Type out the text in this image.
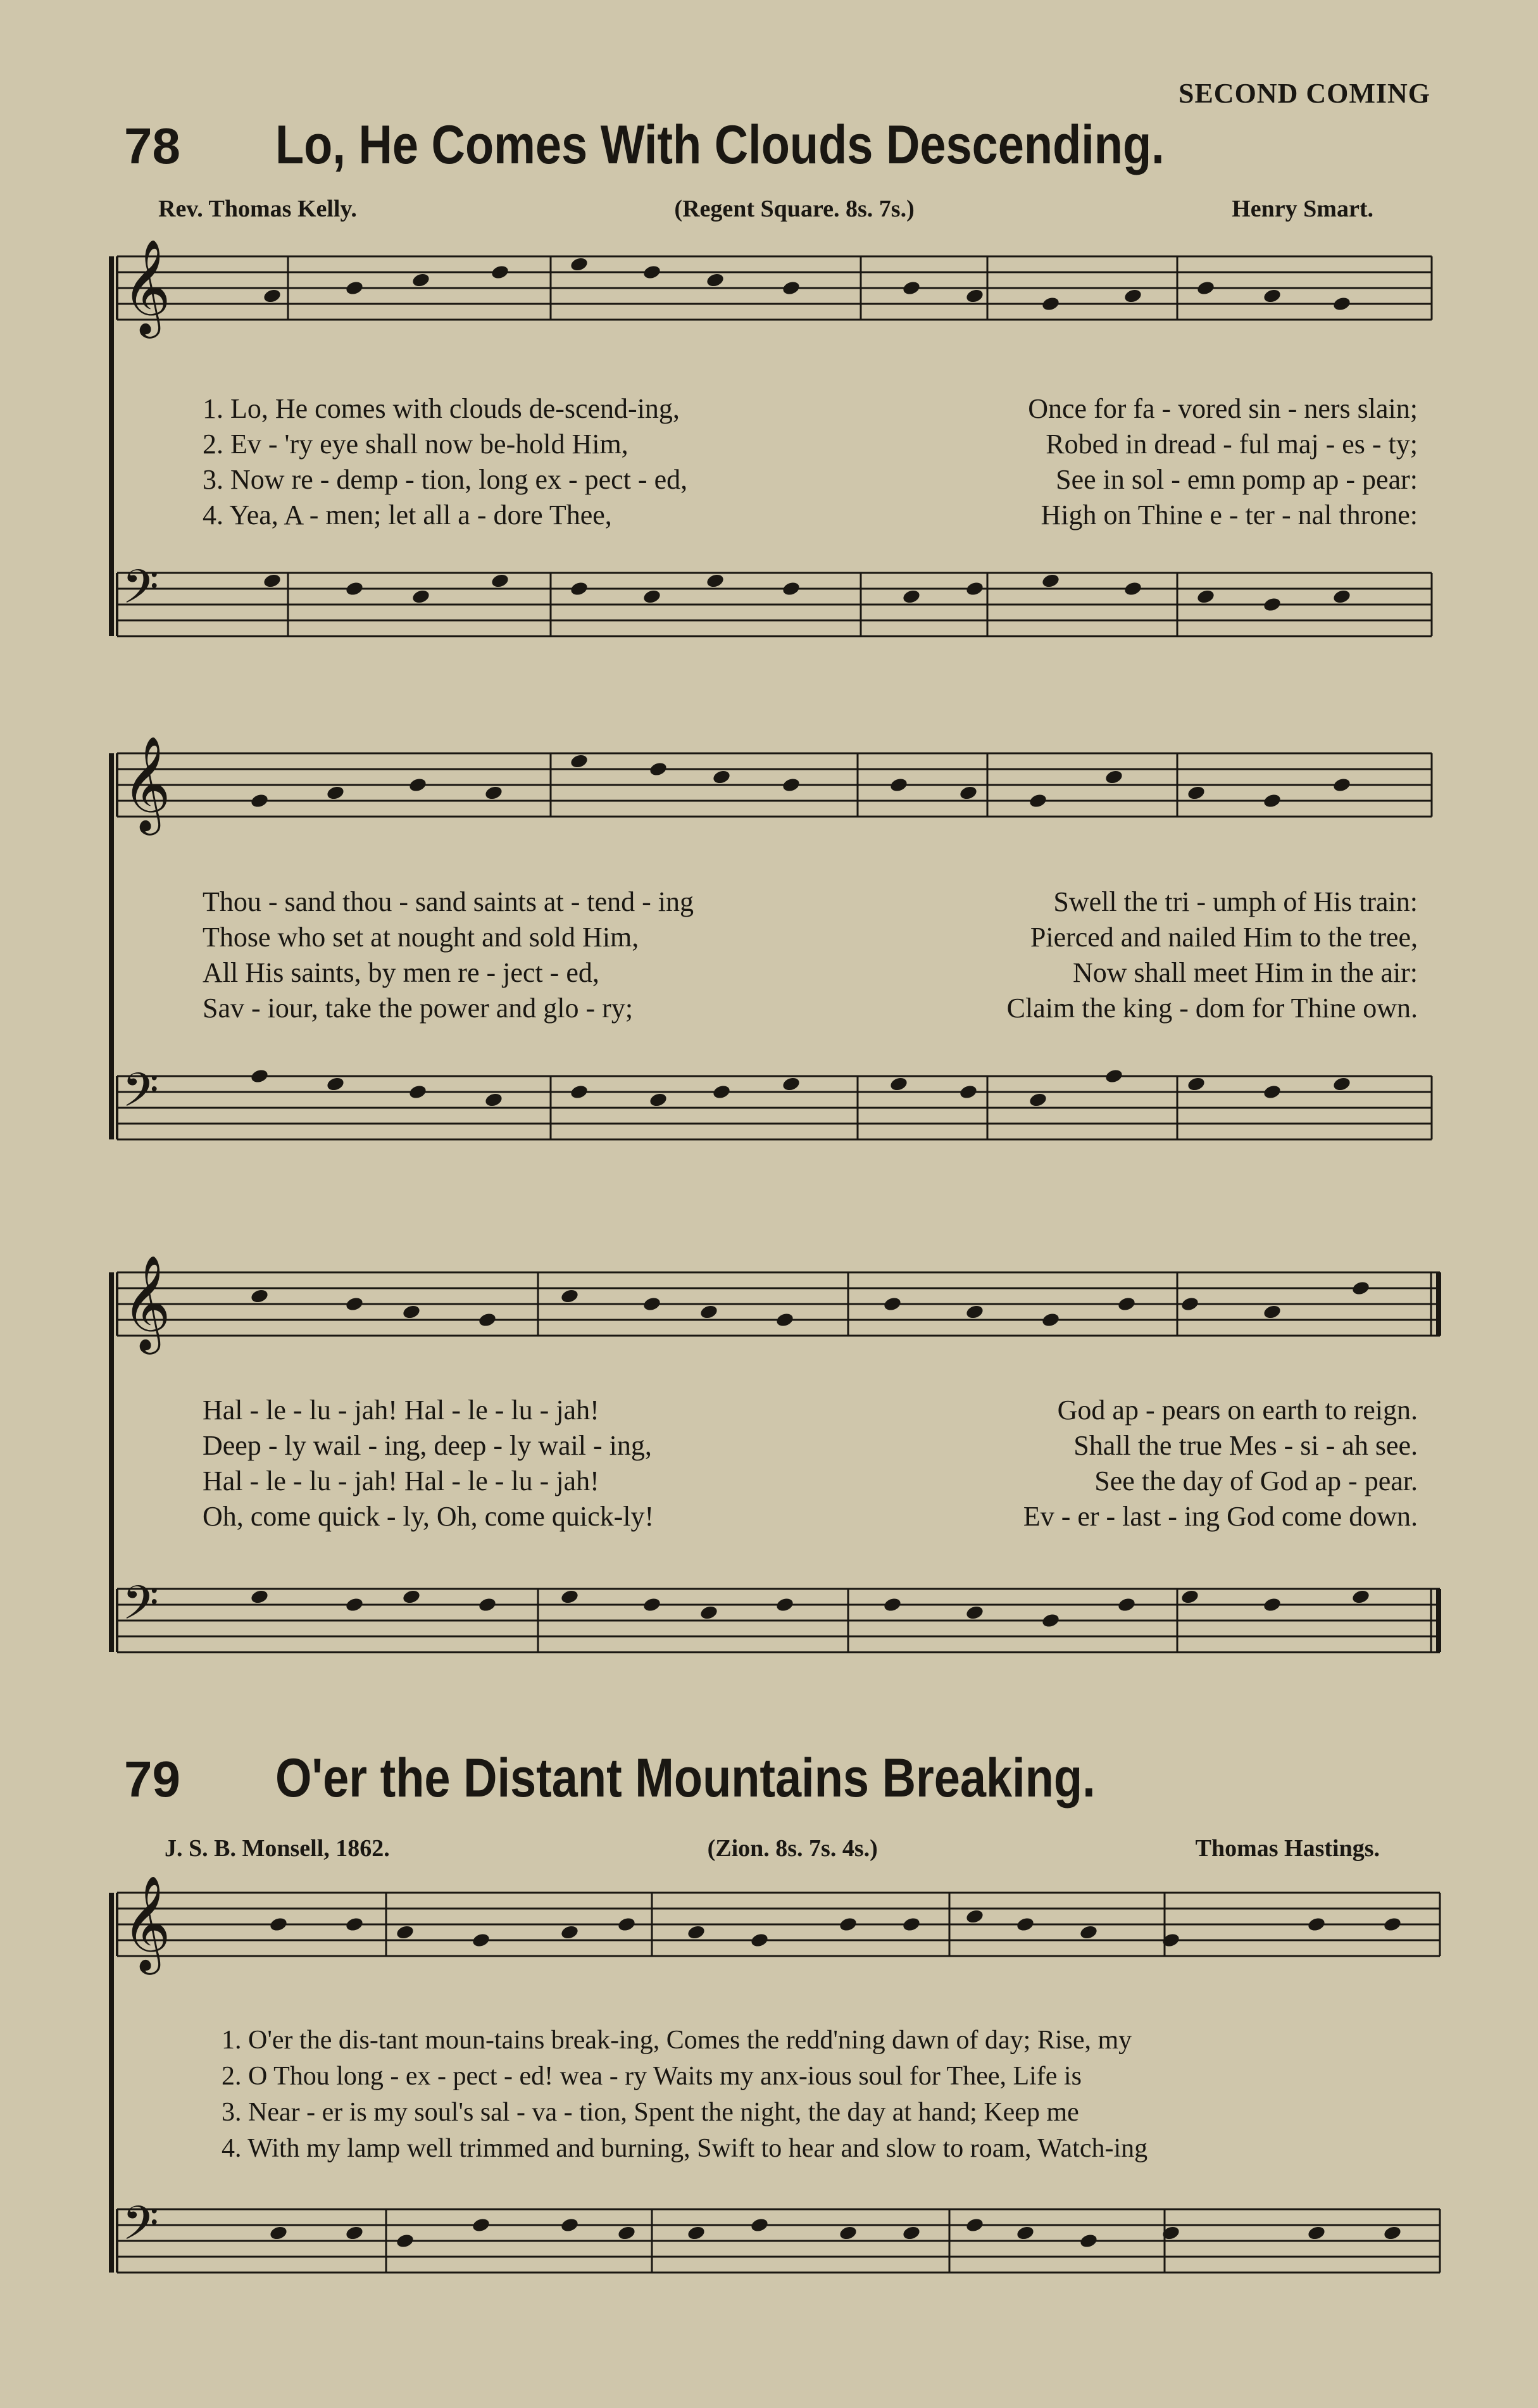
SECOND COMING
78 Lo, He Comes With Clouds Descending.
Rev. Thomas Kelly.	(Regent Square. 8s. 7s.)	Henry Smart.
𝄞
𝄢
𝄞
𝄢
𝄞
𝄢
𝄞
𝄢
1. Lo, He comes with clouds de-scend-ing,	Once for fa - vored sin - ners slain;
2. Ev - 'ry eye shall now be-hold Him,	Robed in dread - ful maj - es - ty;
3. Now re - demp - tion, long ex - pect - ed,	See in sol - emn pomp ap - pear:
4. Yea, A - men; let all a - dore Thee,	High on Thine e - ter - nal throne:
Thou - sand thou - sand saints at - tend - ing	Swell the tri - umph of His train:
Those who set at nought and sold Him,	Pierced and nailed Him to the tree,
All His saints, by men re - ject - ed,	Now shall meet Him in the air:
Sav - iour, take the power and glo - ry;	Claim the king - dom for Thine own.
Hal - le - lu - jah! Hal - le - lu - jah!	God ap - pears on earth to reign.
Deep - ly wail - ing, deep - ly wail - ing,	Shall the true Mes - si - ah see.
Hal - le - lu - jah! Hal - le - lu - jah!	See the day of God ap - pear.
Oh, come quick - ly, Oh, come quick-ly!	Ev - er - last - ing God come down.
79 O'er the Distant Mountains Breaking.
J. S. B. Monsell, 1862.	(Zion. 8s. 7s. 4s.)	Thomas Hastings.
1. O'er the dis-tant moun-tains break-ing, Comes the redd'ning dawn of day; Rise, my
2. O Thou long - ex - pect - ed! wea - ry Waits my anx-ious soul for Thee, Life is
3. Near - er is my soul's sal - va - tion, Spent the night, the day at hand; Keep me
4. With my lamp well trimmed and burning, Swift to hear and slow to roam, Watch-ing
